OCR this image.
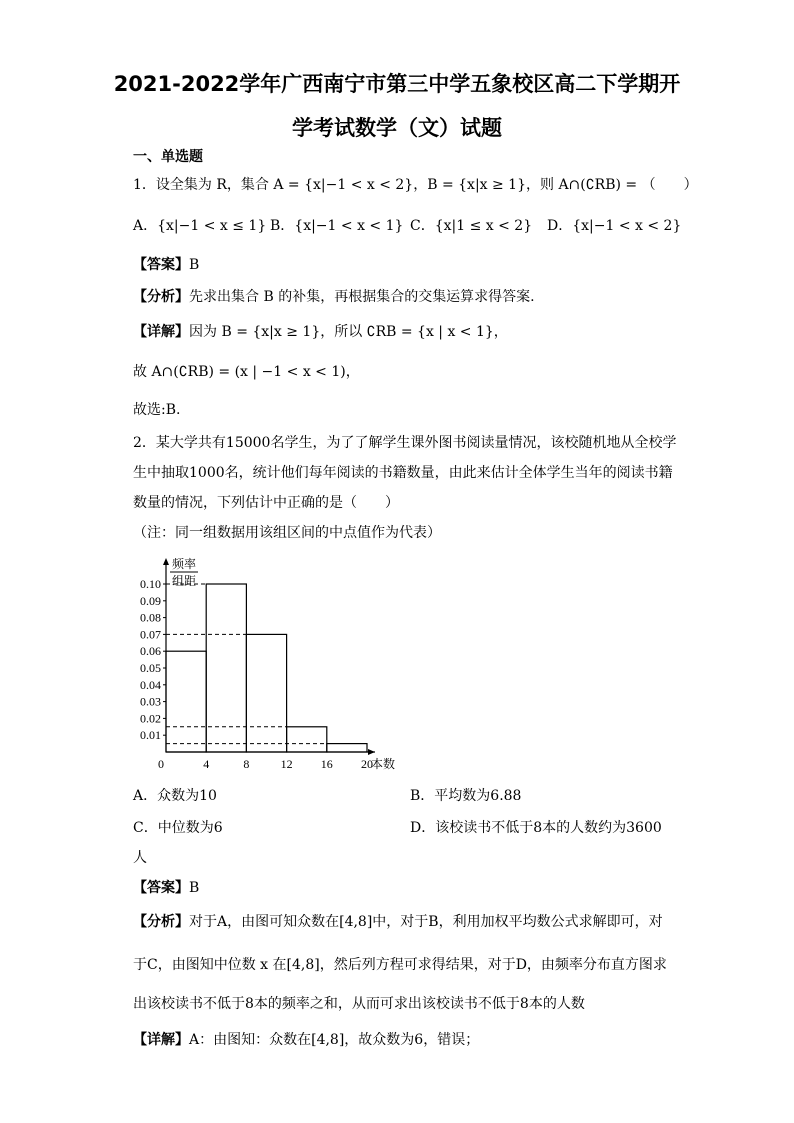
2021-2022学年广西南宁市第三中学五象校区高二下学期开
学考试数学（文）试题
一、单选题
1．设全集为 R，集合 A = {x|−1 < x < 2}，B = {x|x ≥ 1}，则 A∩(∁RB) = （　　）
A．{x|−1 < x ≤ 1} B．{x|−1 < x < 1} C．{x|1 ≤ x < 2} D．{x|−1 < x < 2}
【答案】B
【分析】先求出集合 B 的补集，再根据集合的交集运算求得答案.
【详解】因为 B = {x|x ≥ 1}，所以 ∁RB = {x | x < 1}，
故 A∩(∁RB) = (x | −1 < x < 1)，
故选:B.
2．某大学共有15000名学生，为了了解学生课外图书阅读量情况，该校随机地从全校学
生中抽取1000名，统计他们每年阅读的书籍数量，由此来估计全体学生当年的阅读书籍
数量的情况，下列估计中正确的是（　　）
（注：同一组数据用该组区间的中点值作为代表）
0.01
0.02
0.03
0.04
0.05
0.06
0.07
0.08
0.09
0.10
0	4	8	12 16 20
本数
频率
组距
A．众数为10	B．平均数为6.88
C．中位数为6	D．该校读书不低于8本的人数约为3600
人
【答案】B
【分析】对于A，由图可知众数在[4,8]中，对于B，利用加权平均数公式求解即可，对
于C，由图知中位数 x 在[4,8]，然后列方程可求得结果，对于D，由频率分布直方图求
出该校读书不低于8本的频率之和，从而可求出该校读书不低于8本的人数
【详解】A：由图知：众数在[4,8]，故众数为6，错误；
